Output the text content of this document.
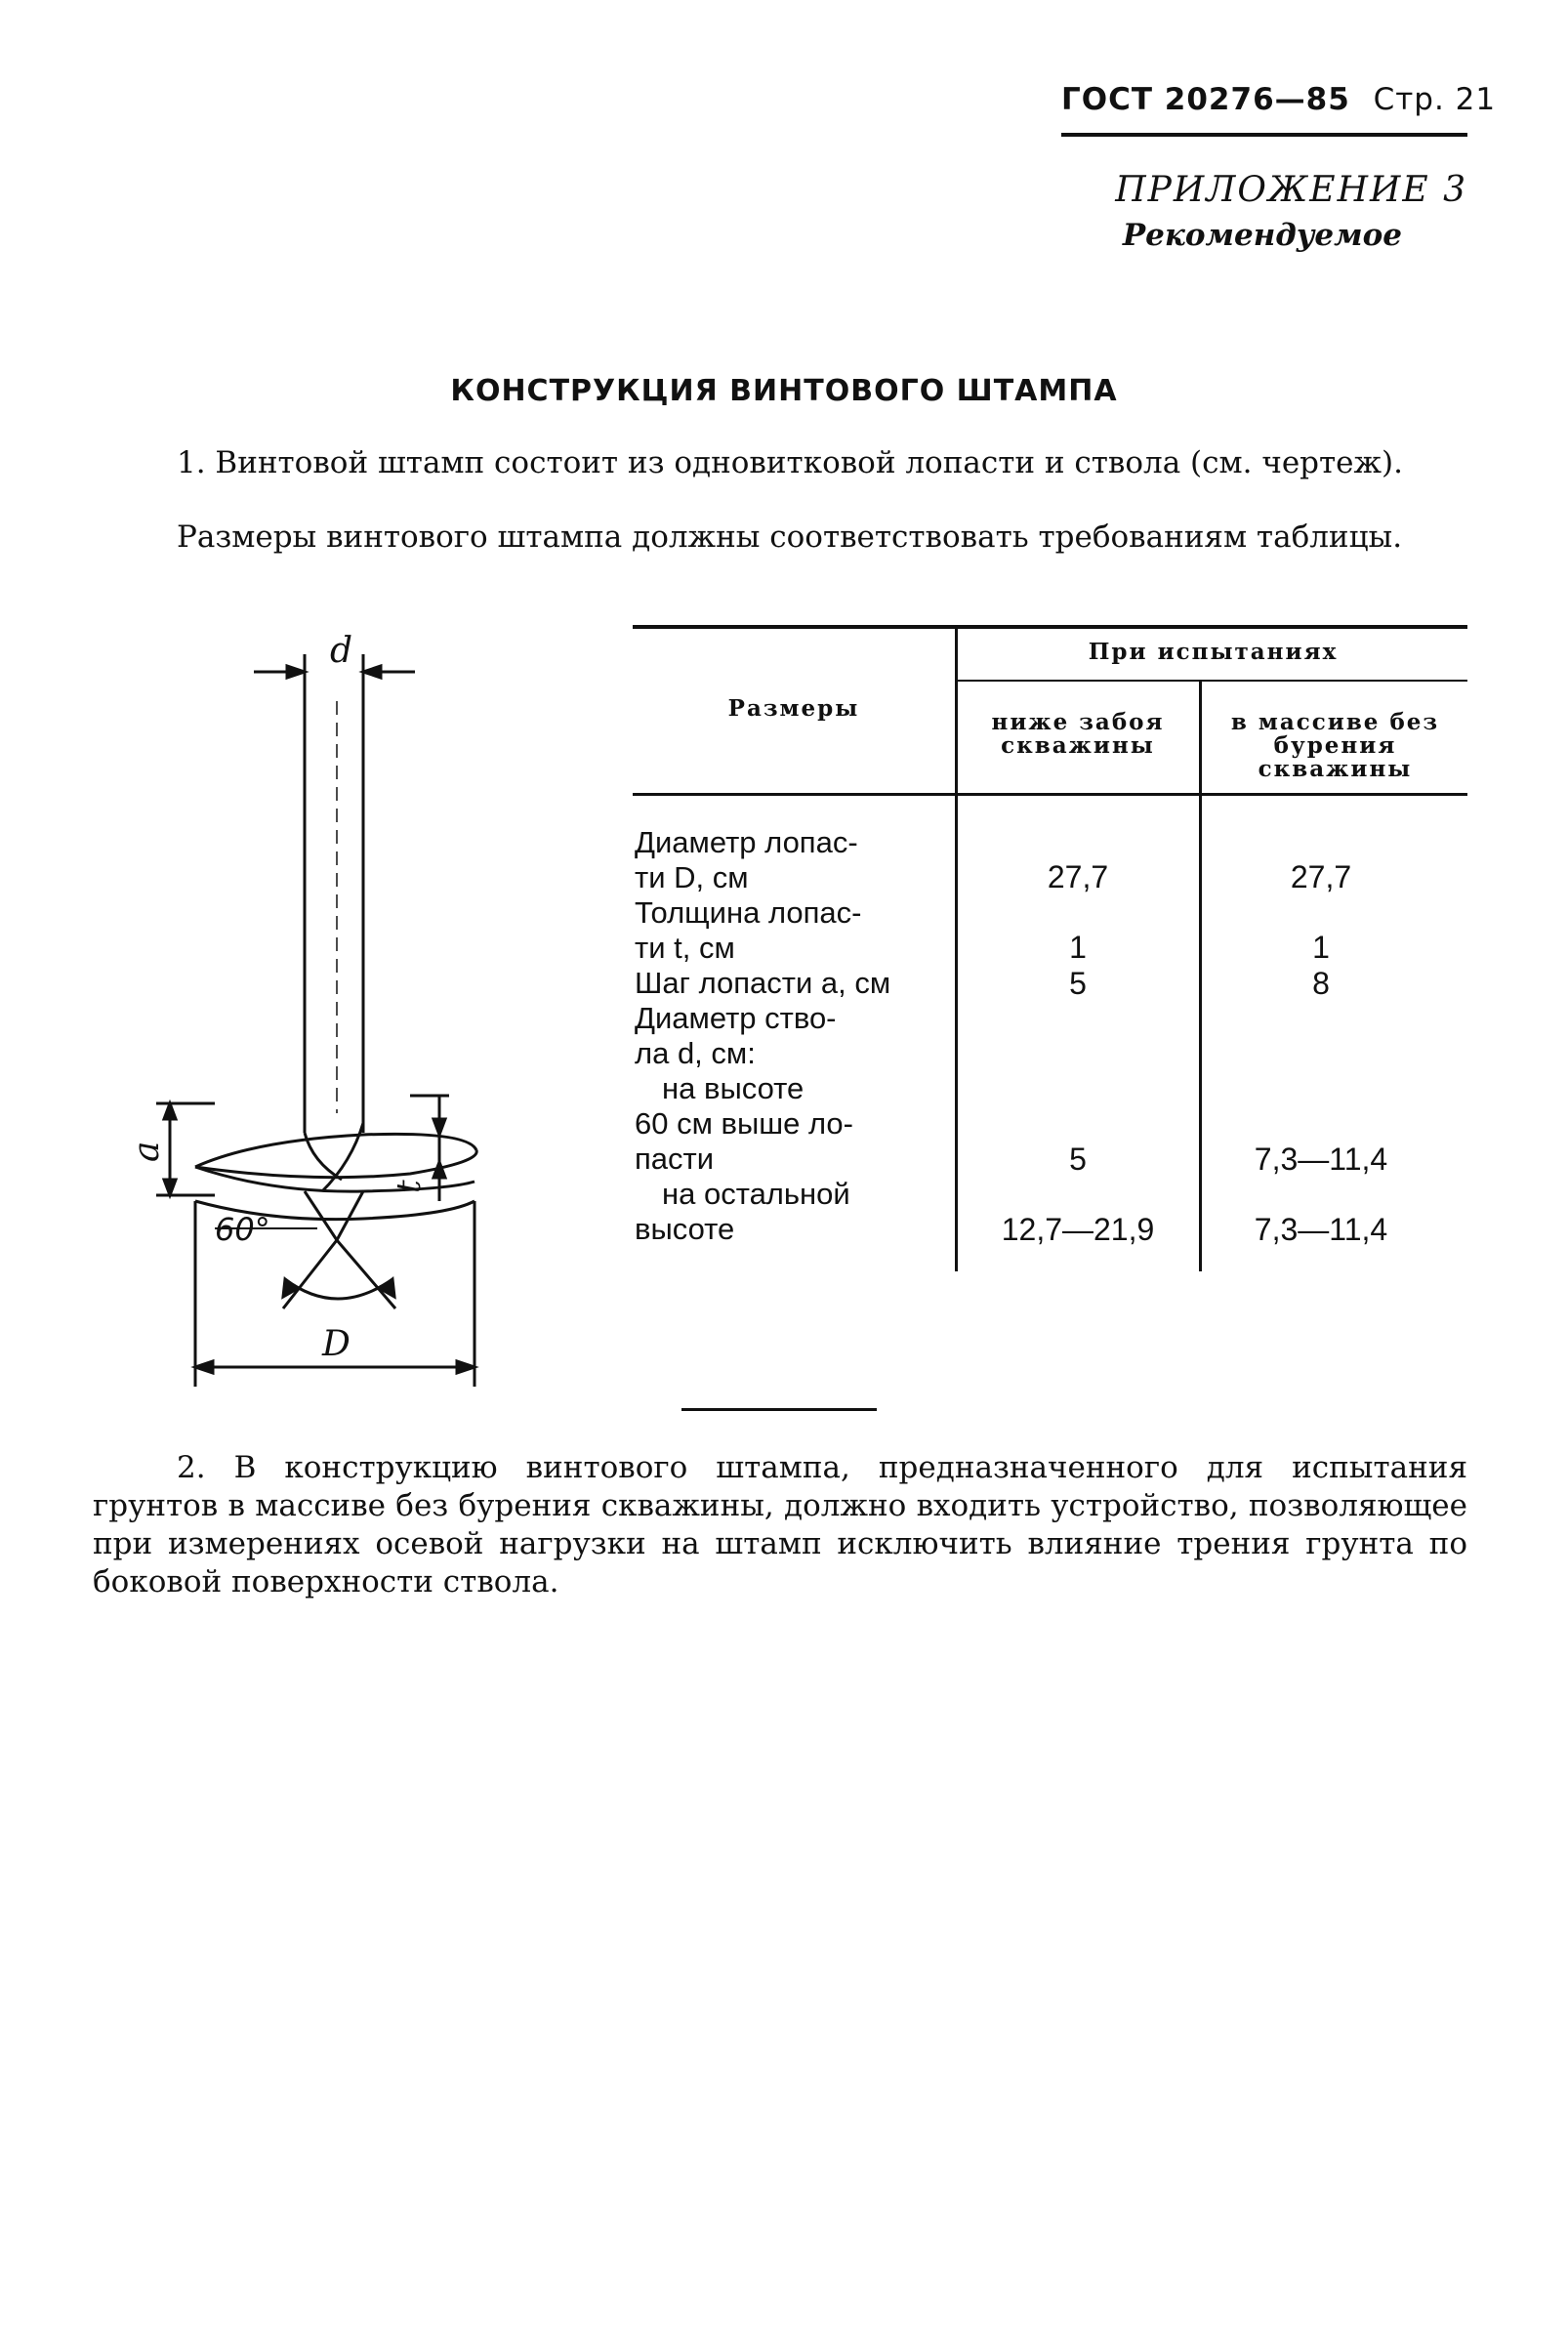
ГОСТ 20276—85 Стр. 21
ПРИЛОЖЕНИЕ 3
Рекомендуемое
КОНСТРУКЦИЯ ВИНТОВОГО ШТАМПА
1. Винтовой штамп состоит из одновитковой лопасти и ствола (см. чертеж).
Размеры винтового штампа должны соответствовать требованиям таблицы.
d
a
t
60°
D
Размеры
При испытаниях
ниже забоя
скважины
в массиве без
бурения скважины
Диаметр лопас-
ти D, см	27,7	27,7
Толщина лопас-
ти t, см	1	1
Шаг лопасти a, см	5	8
Диаметр ство-
ла d, см:
на высоте
60 см выше ло-
пасти	5	7,3—11,4
на остальной
высоте	12,7—21,9	7,3—11,4
2. В конструкцию винтового штампа, предназначенного для испытания грунтов в массиве без бурения скважины, должно входить устройство, позволяющее при измерениях осевой нагрузки на штамп исключить влияние трения грунта по боковой поверхности ствола.
